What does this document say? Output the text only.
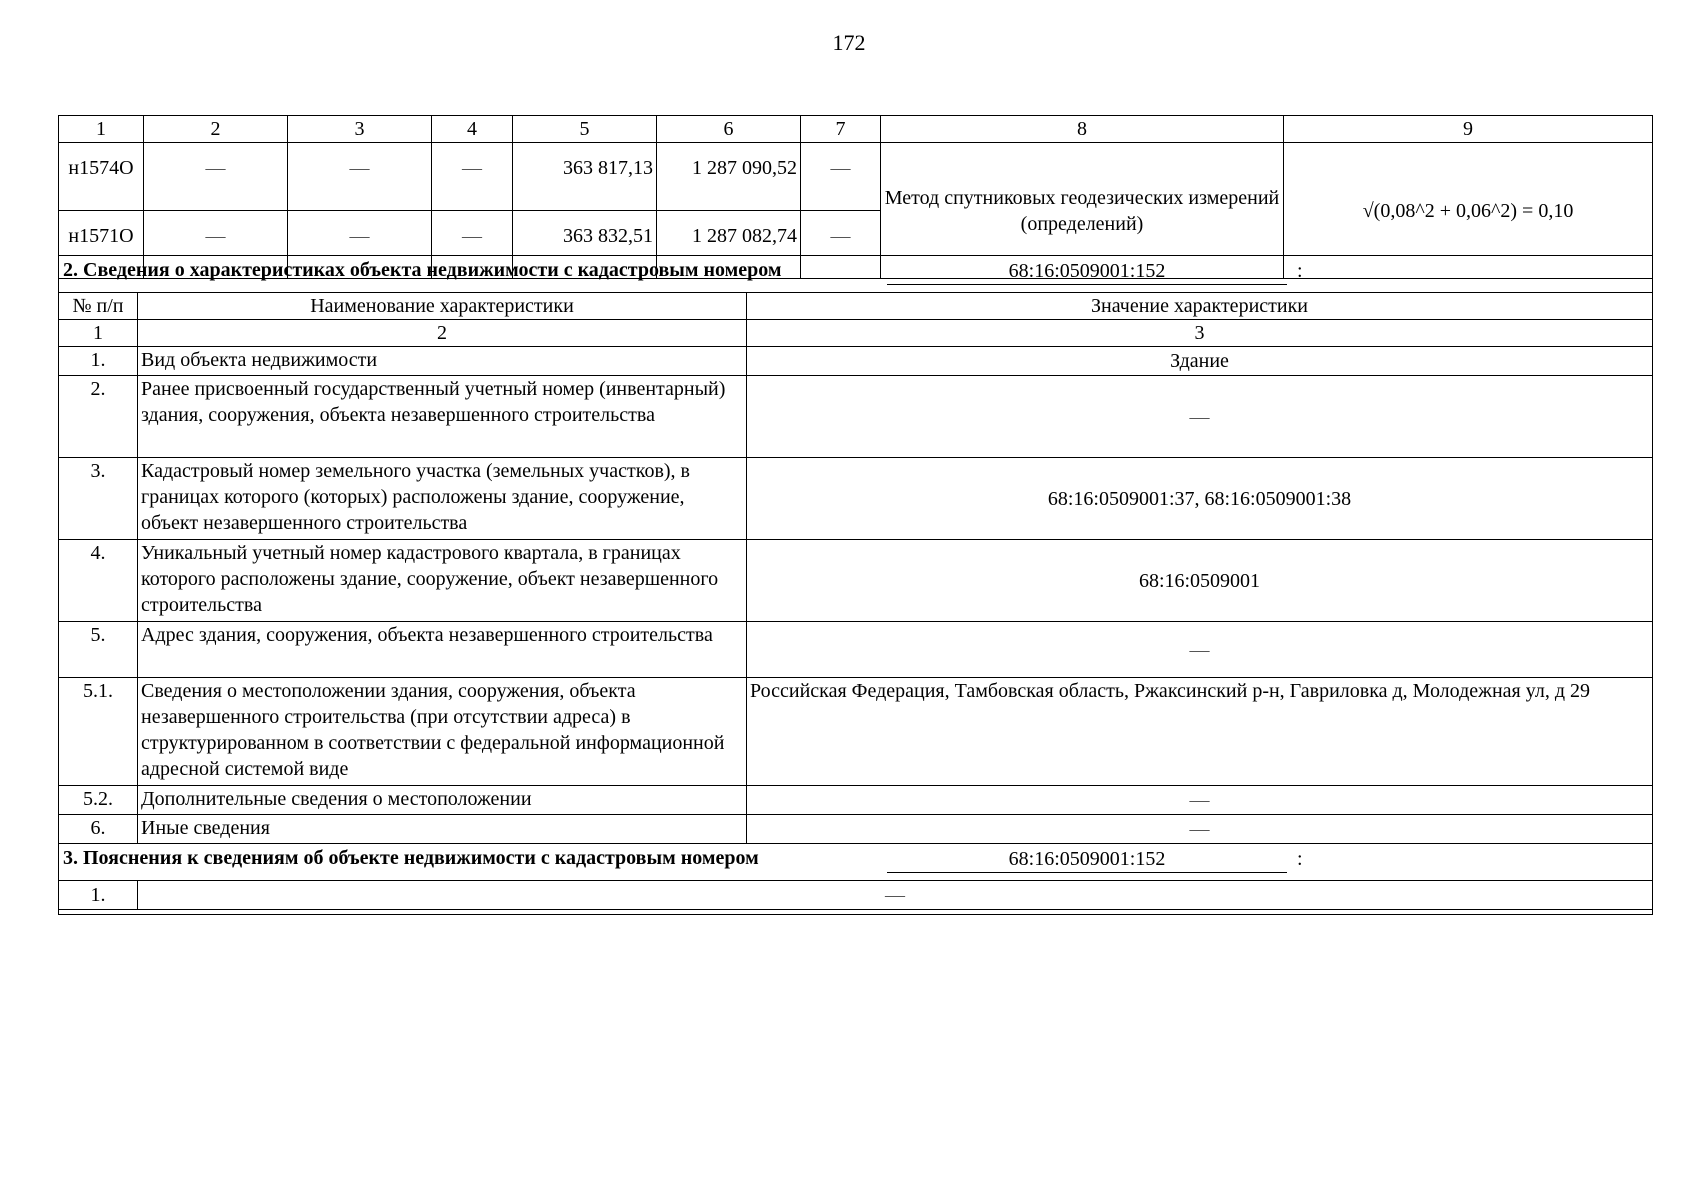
172
1	2	3	4	5	6	7	8	9
н1574О	—	—	—	363 817,13	1 287 090,52	—	Метод спутниковых геодезических измерений (определений)	√(0,08^2 + 0,06^2) = 0,10
н1571О	—	—	—	363 832,51	1 287 082,74	—		
2. Сведения о характеристиках объекта недвижимости с кадастровым номером 68:16:0509001:152 :		

№ п/п	Наименование характеристики	Значение характеристики
1	2	3
1.	Вид объекта недвижимости	Здание
2.	Ранее присвоенный государственный учетный номер (инвентарный) здания, сооружения, объекта незавершенного строительства	—
3.	Кадастровый номер земельного участка (земельных участков), в границах которого (которых) расположены здание, сооружение, объект незавершенного строительства	68:16:0509001:37, 68:16:0509001:38
4.	Уникальный учетный номер кадастрового квартала, в границах которого расположены здание, сооружение, объект незавершенного строительства	68:16:0509001
5.	Адрес здания, сооружения, объекта незавершенного строительства	—
5.1.	Сведения о местоположении здания, сооружения, объекта незавершенного строительства (при отсутствии адреса) в структурированном в соответствии с федеральной информационной адресной системой виде	Российская Федерация, Тамбовская область, Ржаксинский р-н, Гавриловка д, Молодежная ул, д 29
5.2.	Дополнительные сведения о местоположении	—
6.	Иные сведения	—

3. Пояснения к сведениям об объекте недвижимости с кадастровым номером 68:16:0509001:152 :		

1.	—	
